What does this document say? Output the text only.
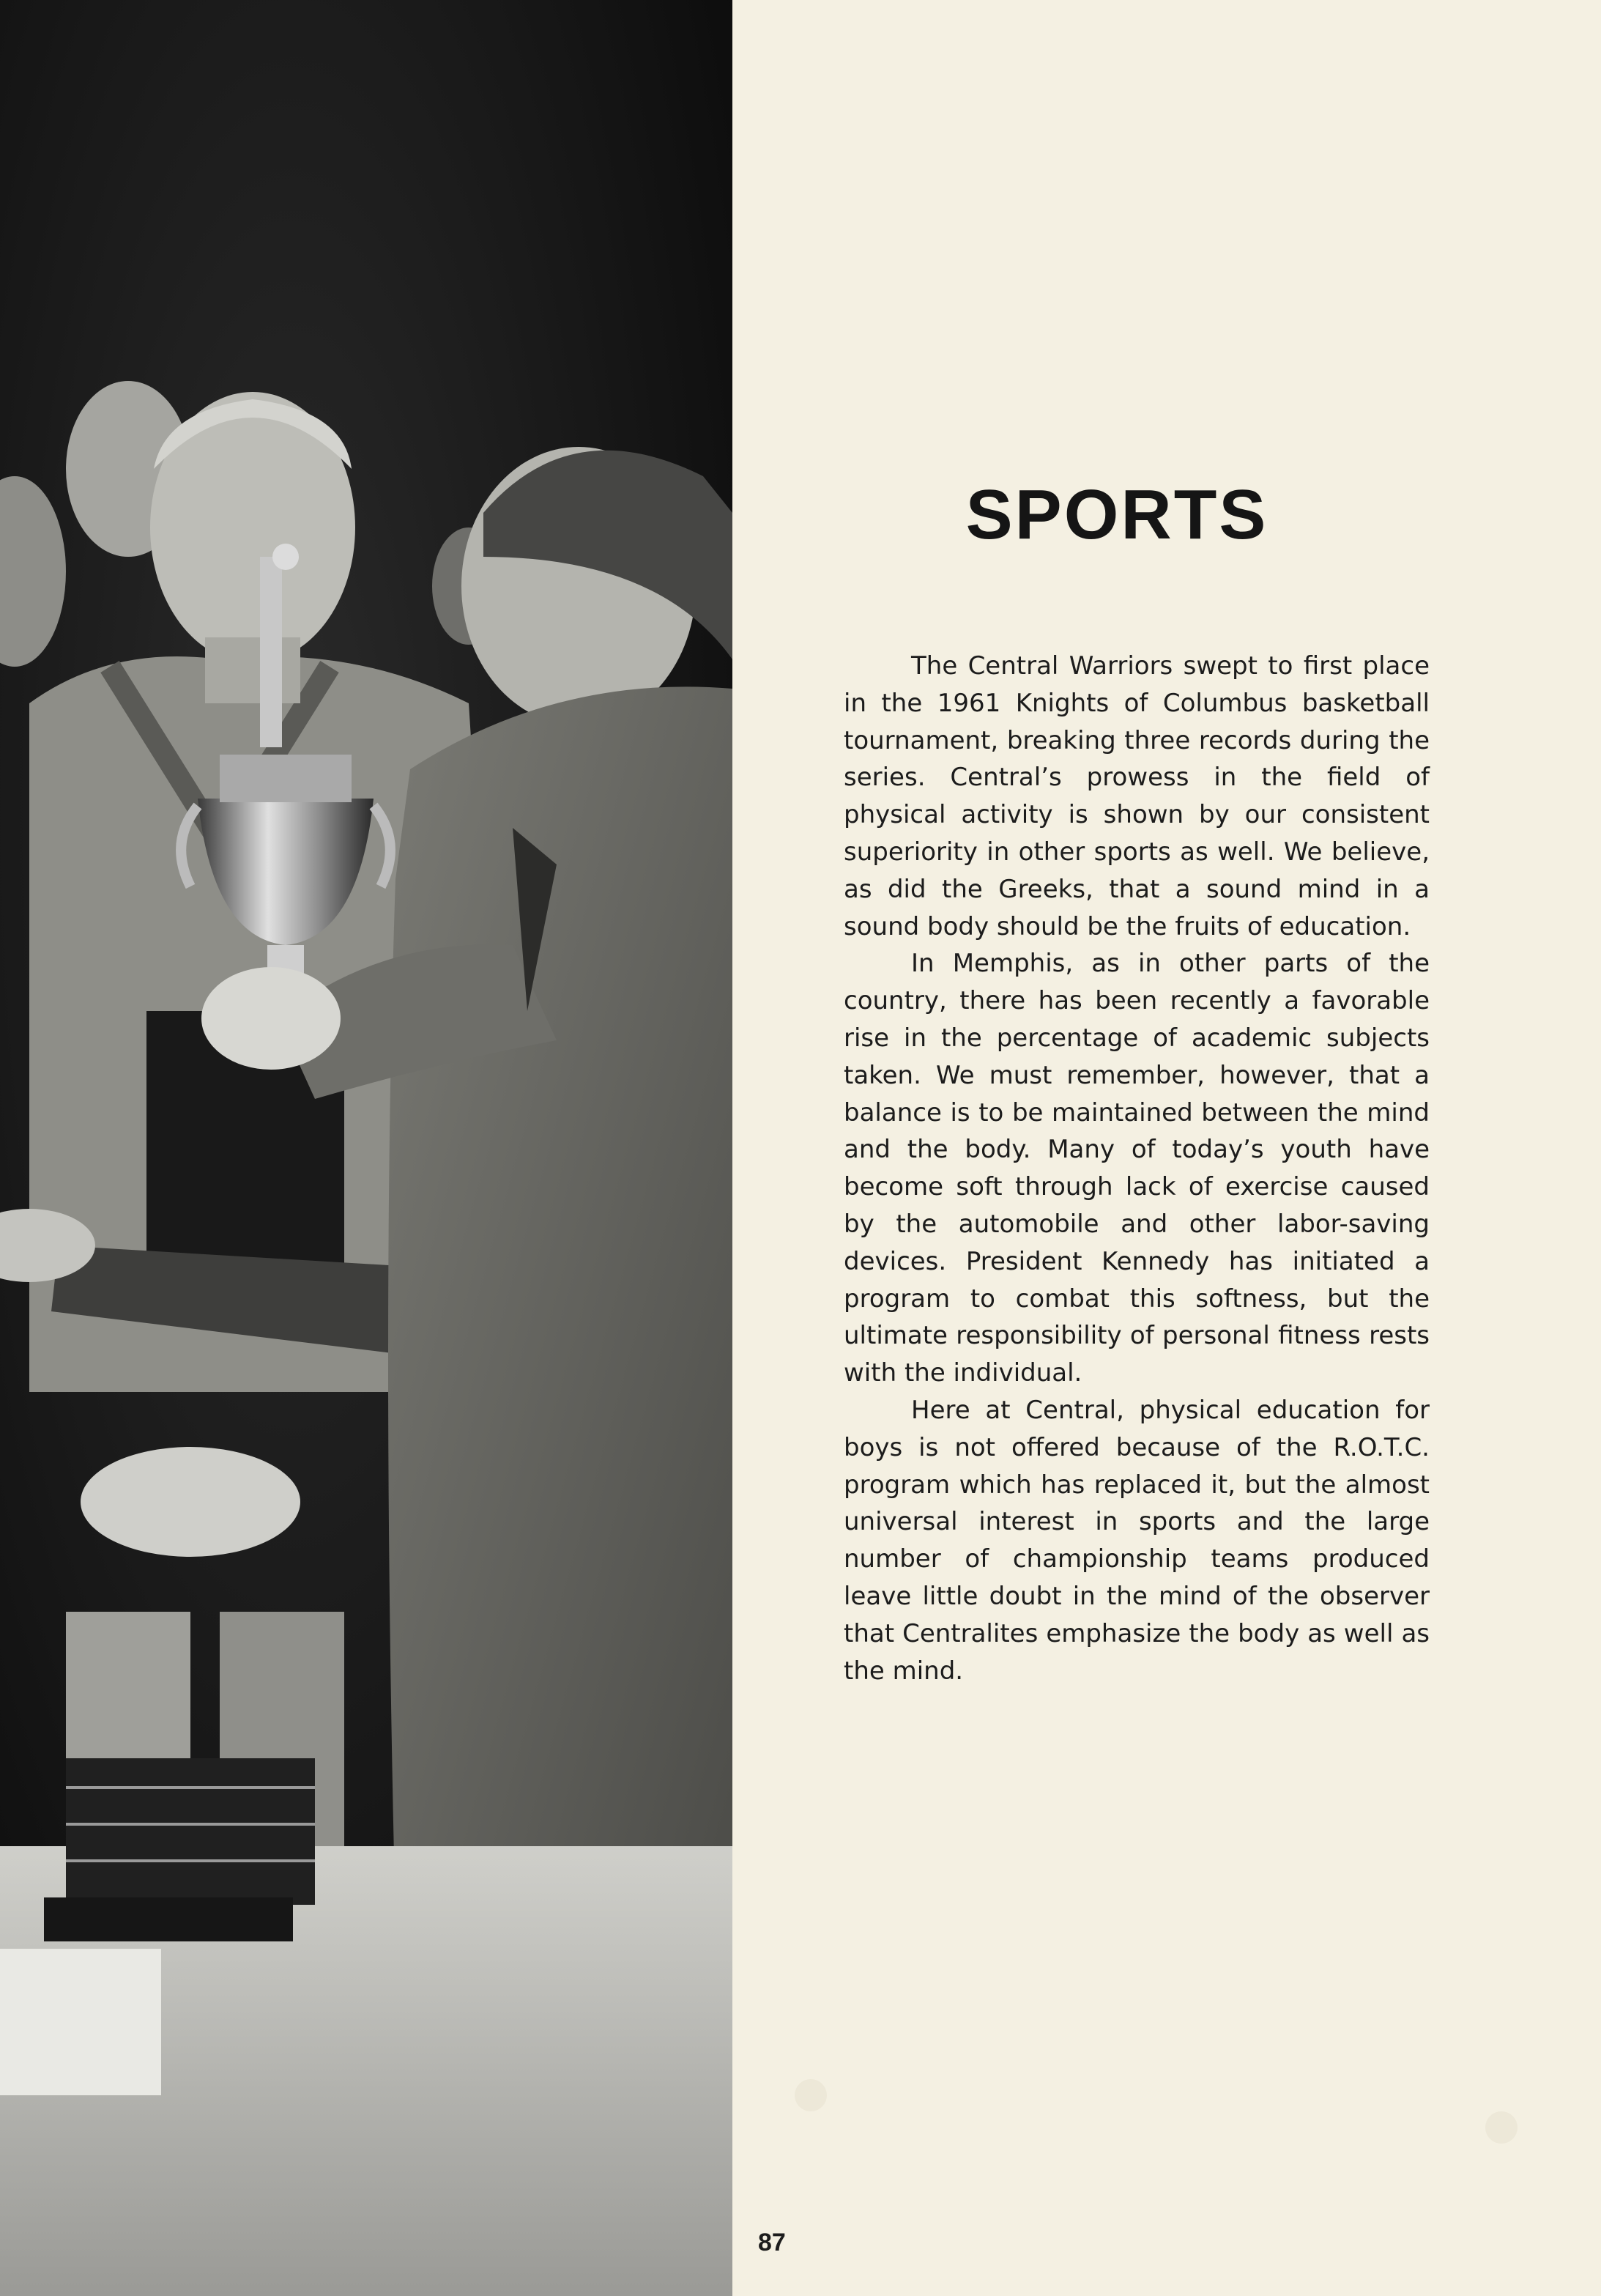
SPORTS

The Central Warriors swept to first place in the 1961 Knights of Columbus basketball tournament, breaking three records during the series. Central’s prowess in the field of physical activity is shown by our consistent superiority in other sports as well. We believe, as did the Greeks, that a sound mind in a sound body should be the fruits of education.

In Memphis, as in other parts of the country, there has been recently a favorable rise in the percentage of academic subjects taken. We must remember, however, that a balance is to be maintained between the mind and the body. Many of today’s youth have become soft through lack of exercise caused by the automobile and other labor-saving devices. President Kennedy has initiated a program to combat this softness, but the ultimate responsibility of personal fitness rests with the individual.

Here at Central, physical education for boys is not offered because of the R.O.T.C. program which has replaced it, but the almost universal interest in sports and the large number of championship teams produced leave little doubt in the mind of the observer that Centralites emphasize the body as well as the mind.

87
